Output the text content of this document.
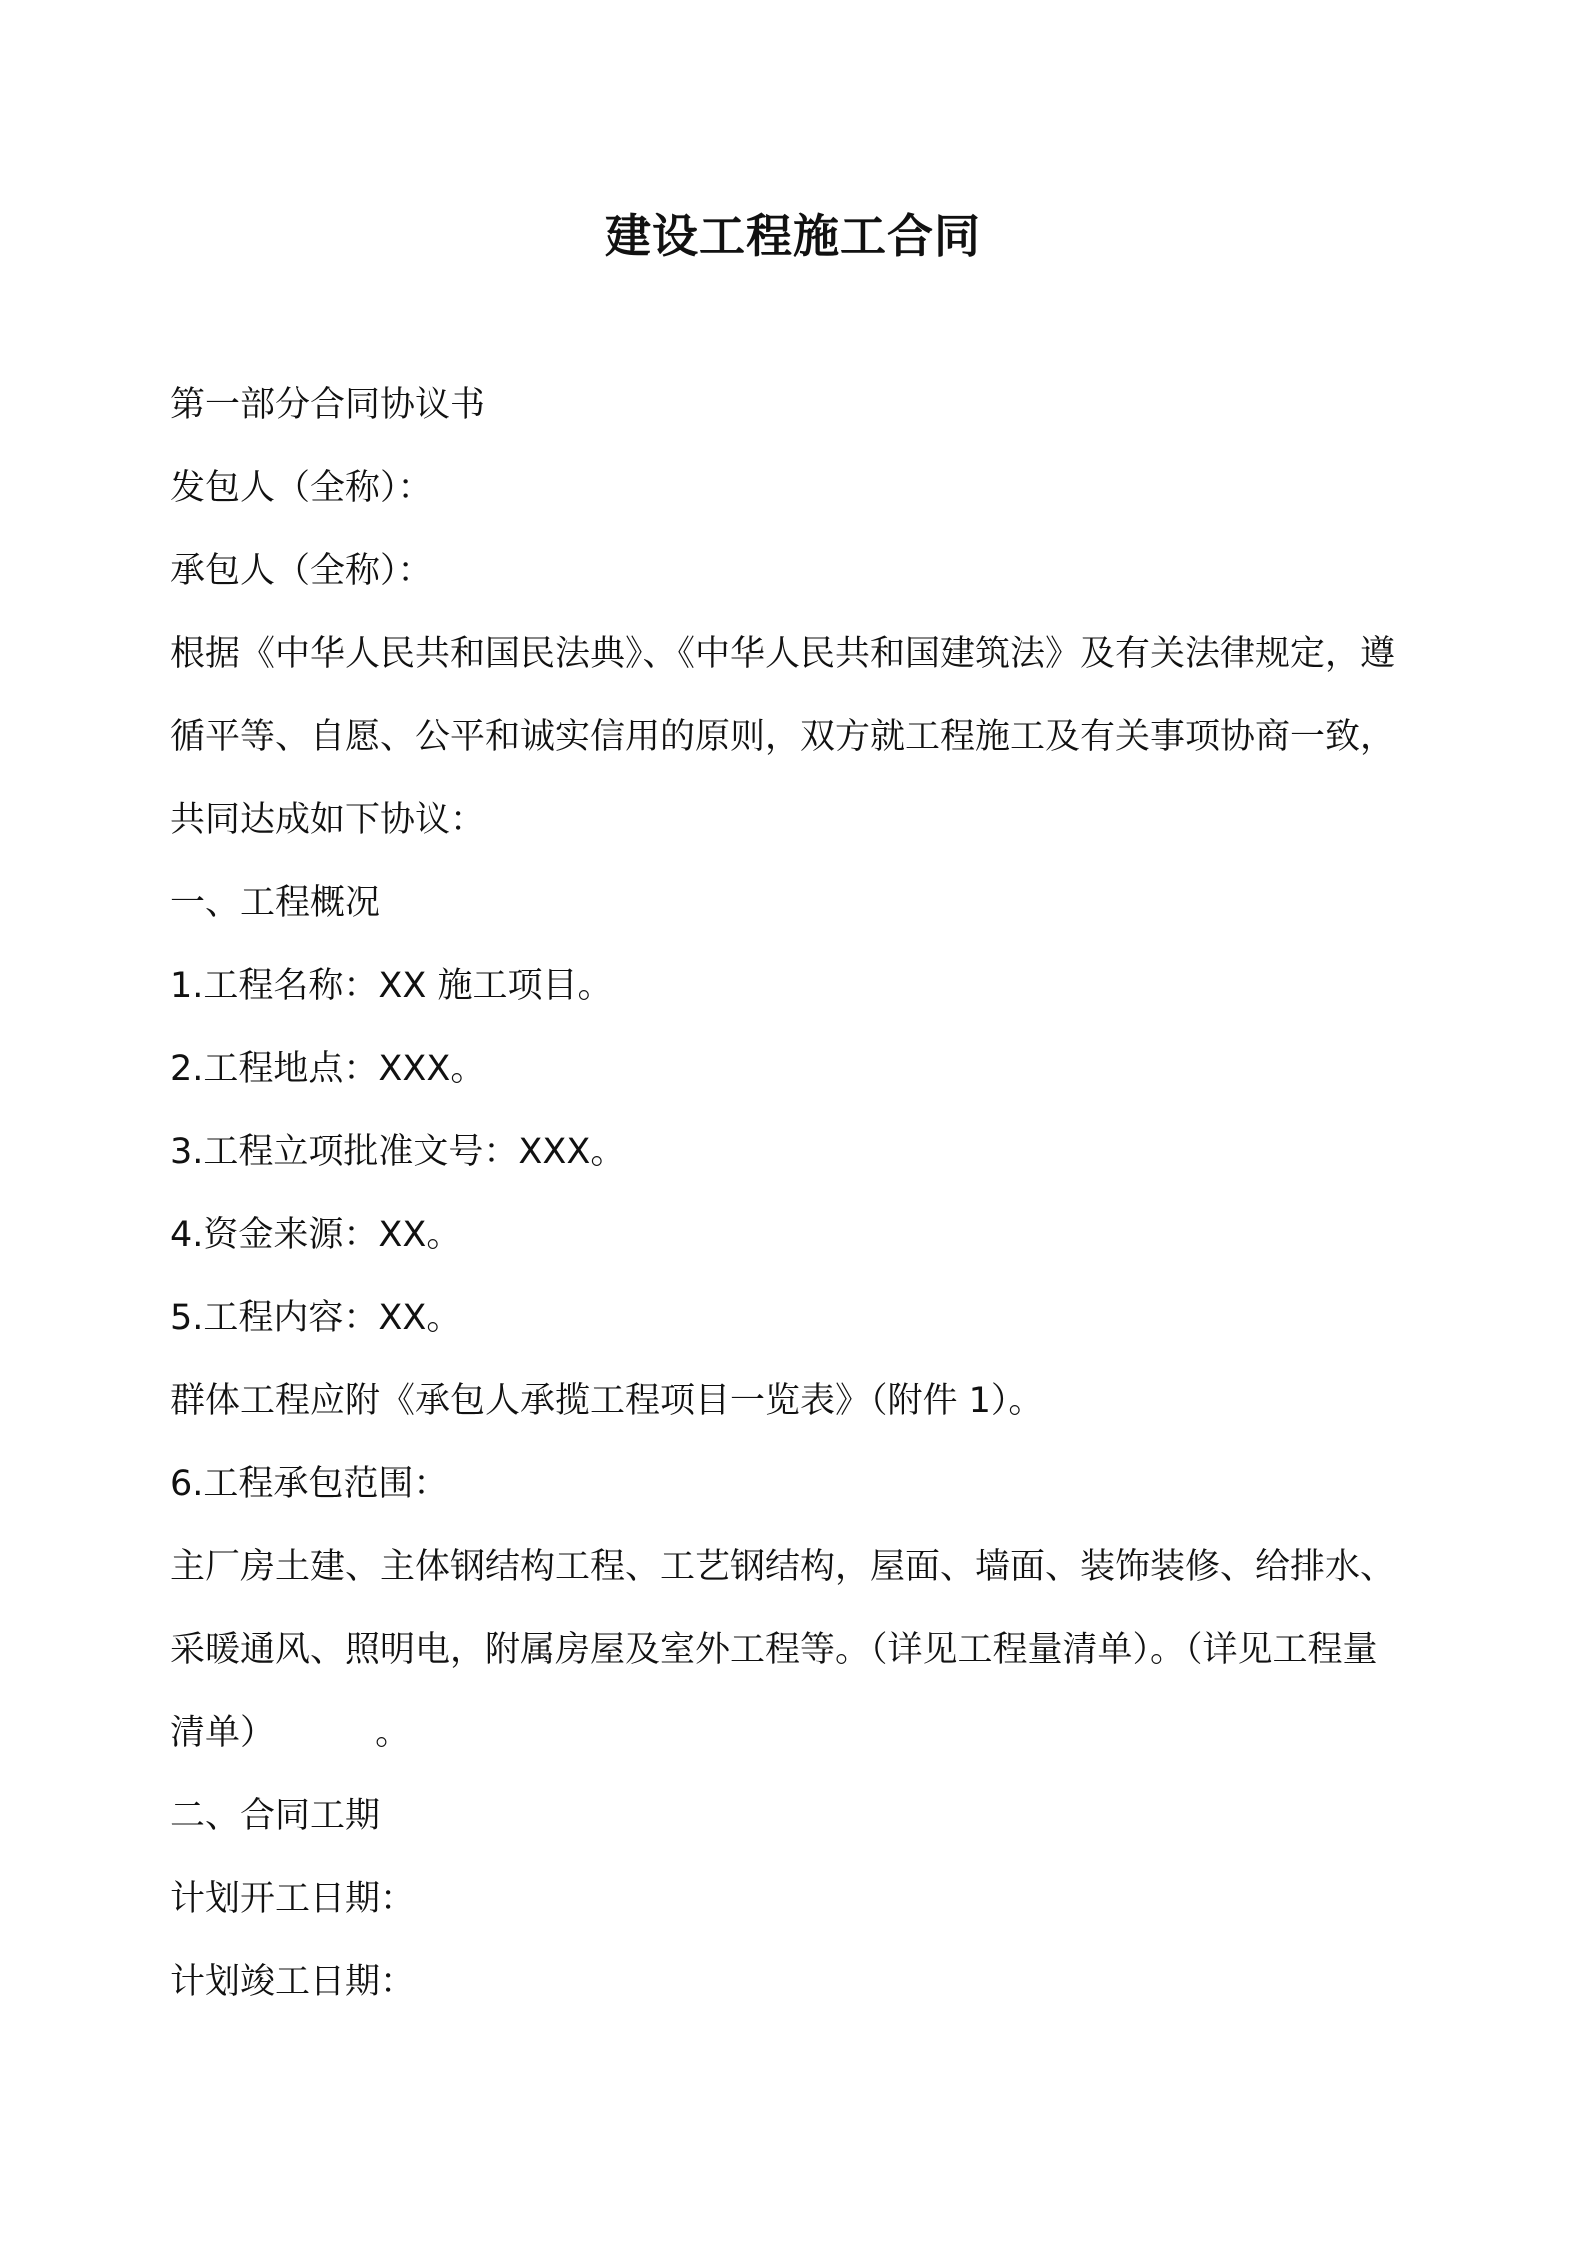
建设工程施工合同
第一部分合同协议书
发包人（全称）：
承包人（全称）：
根据《中华人民共和国民法典》、《中华人民共和国建筑法》及有关法律规定，遵
循平等、自愿、公平和诚实信用的原则，双方就工程施工及有关事项协商一致，
共同达成如下协议：
一、工程概况
1.工程名称：XX 施工项目。
2.工程地点：XXX。
3.工程立项批准文号：XXX。
4.资金来源：XX。
5.工程内容：XX。
群体工程应附《承包人承揽工程项目一览表》（附件 1）。
6.工程承包范围：
主厂房土建、主体钢结构工程、工艺钢结构，屋面、墙面、装饰装修、给排水、
采暖通风、照明电，附属房屋及室外工程等。（详见工程量清单）。（详见工程量
清单）         。
二、合同工期
计划开工日期：
计划竣工日期：
